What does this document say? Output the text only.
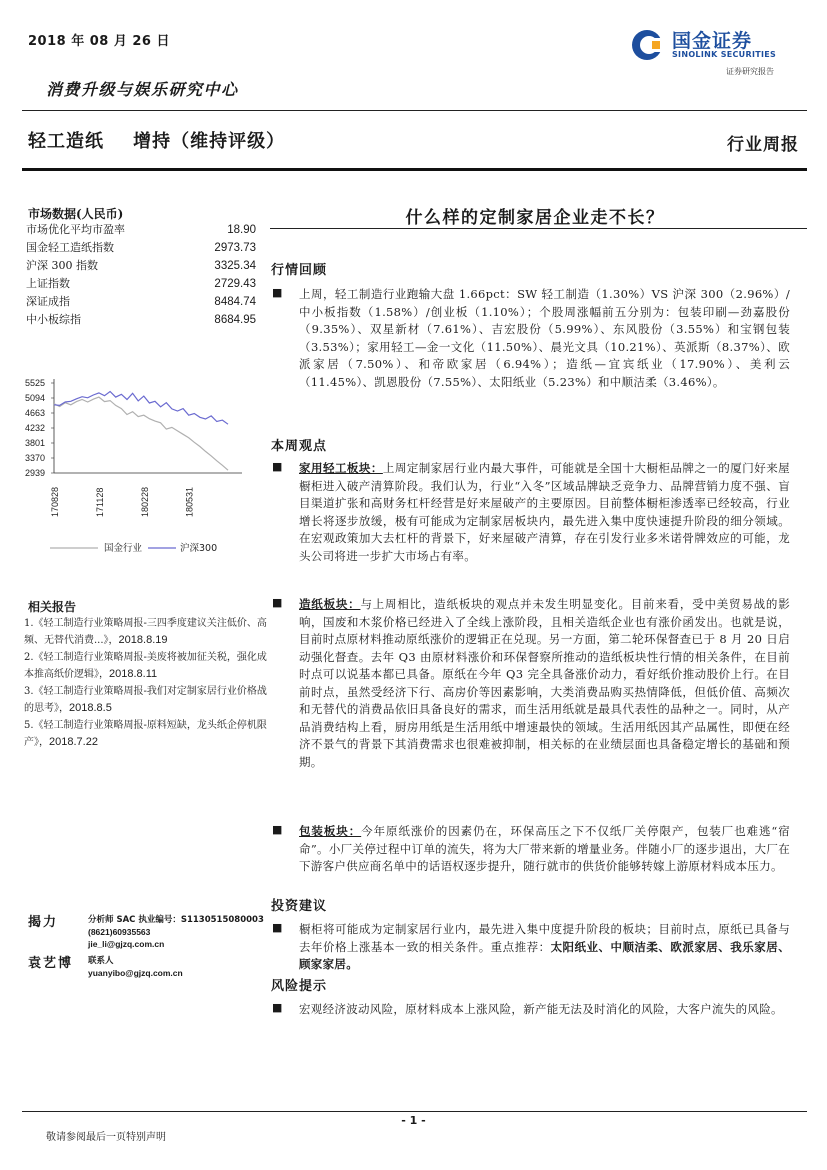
2018 年 08 月 26 日
消费升级与娱乐研究中心
国金证券
SINOLINK SECURITIES
证券研究报告
轻工造纸    增持（维持评级）	行业周报
市场数据(人民币)
市场优化平均市盈率	18.90
国金轻工造纸指数	2973.73
沪深 300 指数	3325.34
上证指数	2729.43
深证成指	8484.74
中小板综指	8684.95
5525
5094
4663
4232
3801
3370
2939
170828	171128	180228	180531
国金行业	沪深300
相关报告
1.《轻工制造行业策略周报-三四季度建议关注低价、高频、无替代消费...》，2018.8.19
2.《轻工制造行业策略周报-美废将被加征关税，强化成本推高纸价逻辑》，2018.8.11
3.《轻工制造行业策略周报-我们对定制家居行业价格战的思考》，2018.8.5
5.《轻工制造行业策略周报-原料短缺，龙头纸企停机限产》，2018.7.22
揭力	分析师 SAC 执业编号：S1130515080003
(8621)60935563
jie_li@gjzq.com.cn
袁艺博 联系人
yuanyibo@gjzq.com.cn
什么样的定制家居企业走不长？
行情回顾
■ 上周，轻工制造行业跑输大盘 1.66pct：SW 轻工制造（1.30%）VS 沪深 300（2.96%）/中小板指数（1.58%）/创业板（1.10%）；个股周涨幅前五分别为：包装印刷—劲嘉股份（9.35%）、双星新材（7.61%）、吉宏股份（5.99%）、东风股份（3.55%）和宝钢包装（3.53%）；家用轻工—金一文化（11.50%）、晨光文具（10.21%）、英派斯（8.37%）、欧派家居（7.50%）、和帝欧家居（6.94%）；造纸—宜宾纸业（17.90%）、美利云（11.45%）、凯恩股份（7.55%）、太阳纸业（5.23%）和中顺洁柔（3.46%）。
本周观点
■ 家用轻工板块：上周定制家居行业内最大事件，可能就是全国十大橱柜品牌之一的厦门好来屋橱柜进入破产清算阶段。我们认为，行业“入冬”区域品牌缺乏竞争力、品牌营销力度不强、盲目渠道扩张和高财务杠杆经营是好来屋破产的主要原因。目前整体橱柜渗透率已经较高，行业增长将逐步放缓，极有可能成为定制家居板块内，最先进入集中度快速提升阶段的细分领域。在宏观政策加大去杠杆的背景下，好来屋破产清算，存在引发行业多米诺骨牌效应的可能，龙头公司将进一步扩大市场占有率。
■ 造纸板块：与上周相比，造纸板块的观点并未发生明显变化。目前来看，受中美贸易战的影响，国废和木浆价格已经进入了全线上涨阶段，且相关造纸企业也有涨价函发出。也就是说，目前时点原材料推动原纸涨价的逻辑正在兑现。另一方面，第二轮环保督查已于 8 月 20 日启动强化督查。去年 Q3 由原材料涨价和环保督察所推动的造纸板块性行情的相关条件，在目前时点可以说基本都已具备。原纸在今年 Q3 完全具备涨价动力，看好纸价推动股价上行。在目前时点，虽然受经济下行、高房价等因素影响，大类消费品购买热情降低，但低价值、高频次和无替代的消费品依旧具备良好的需求，而生活用纸就是最具代表性的品种之一。同时，从产品消费结构上看，厨房用纸是生活用纸中增速最快的领域。生活用纸因其产品属性，即便在经济不景气的背景下其消费需求也很难被抑制，相关标的在业绩层面也具备稳定增长的基础和预期。
■ 包装板块：今年原纸涨价的因素仍在，环保高压之下不仅纸厂关停限产，包装厂也难逃“宿命”。小厂关停过程中订单的流失，将为大厂带来新的增量业务。伴随小厂的逐步退出，大厂在下游客户供应商名单中的话语权逐步提升，随行就市的供货价能够转嫁上游原材料成本压力。
投资建议
■ 橱柜将可能成为定制家居行业内，最先进入集中度提升阶段的板块；目前时点，原纸已具备与去年价格上涨基本一致的相关条件。重点推荐：太阳纸业、中顺洁柔、欧派家居、我乐家居、顾家家居。
风险提示
■ 宏观经济波动风险，原材料成本上涨风险，新产能无法及时消化的风险，大客户流失的风险。
- 1 -
敬请参阅最后一页特别声明
